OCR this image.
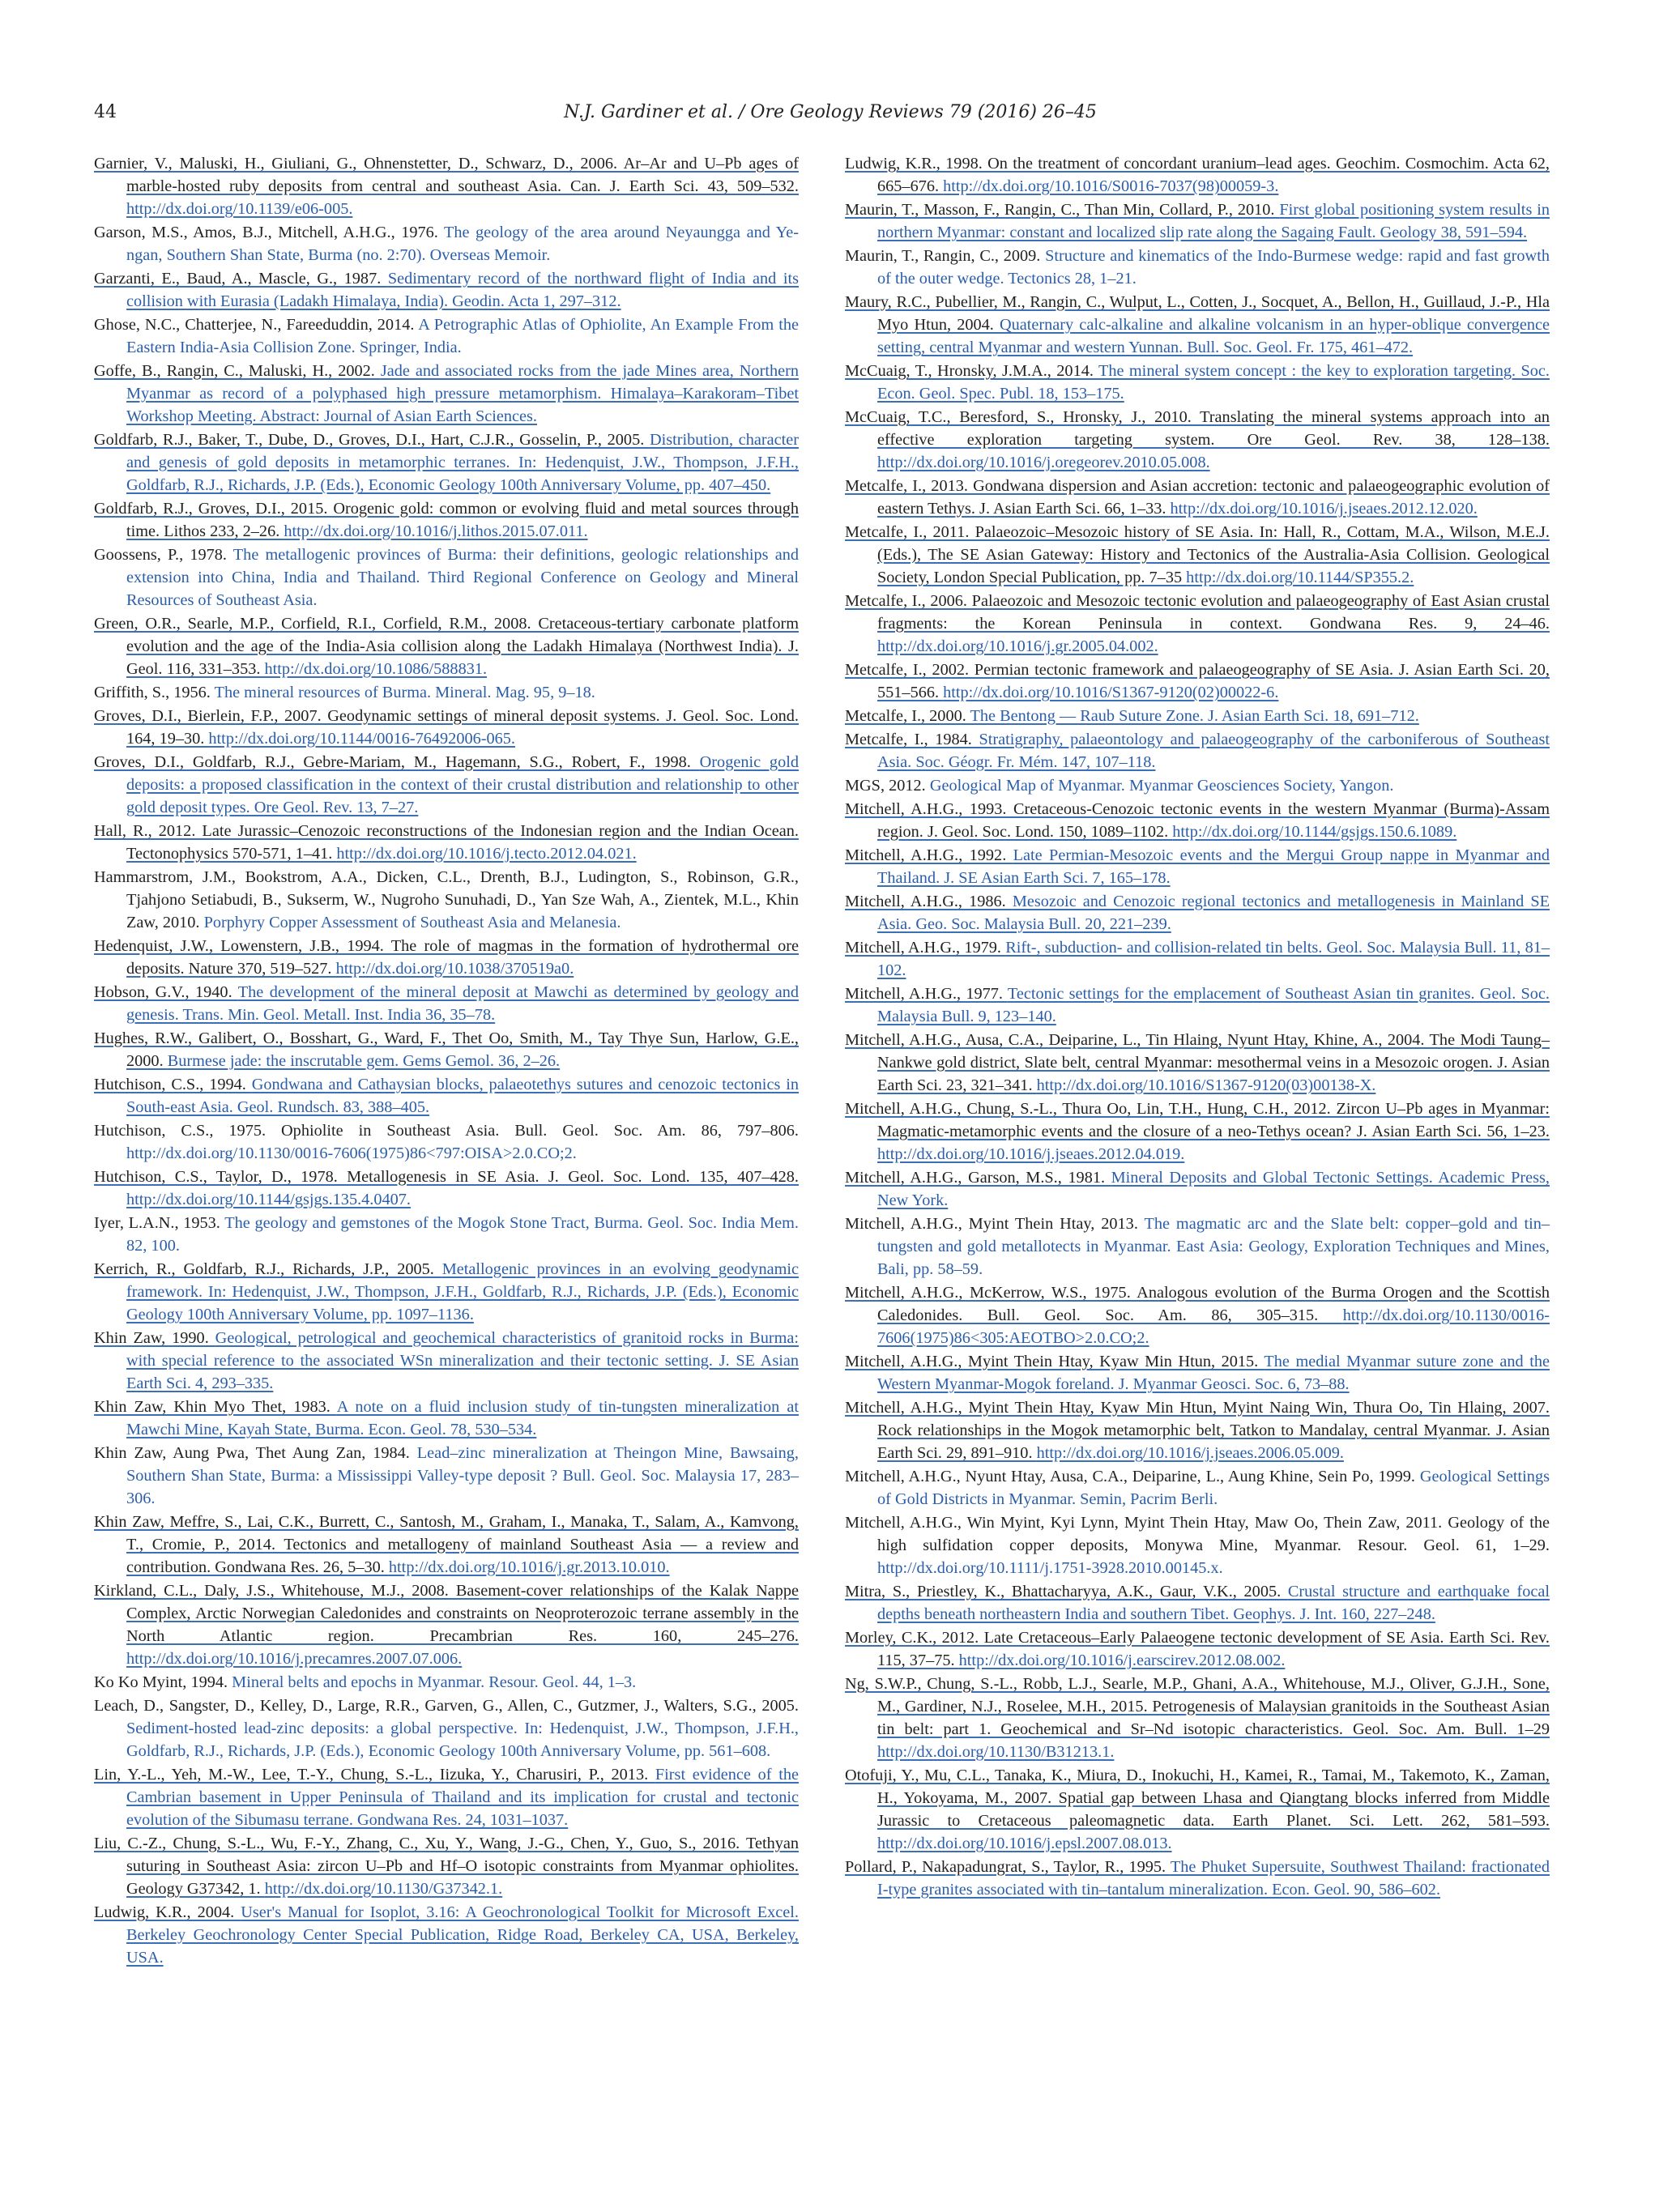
44	N.J. Gardiner et al. / Ore Geology Reviews 79 (2016) 26–45

Garnier, V., Maluski, H., Giuliani, G., Ohnenstetter, D., Schwarz, D., 2006. Ar–Ar and U–Pb ages of marble-hosted ruby deposits from central and southeast Asia. Can. J. Earth Sci. 43, 509–532. http://dx.doi.org/10.1139/e06-005.

Garson, M.S., Amos, B.J., Mitchell, A.H.G., 1976. The geology of the area around Neyaungga and Ye-ngan, Southern Shan State, Burma (no. 2:70). Overseas Memoir.

Garzanti, E., Baud, A., Mascle, G., 1987. Sedimentary record of the northward flight of India and its collision with Eurasia (Ladakh Himalaya, India). Geodin. Acta 1, 297–312.

Ghose, N.C., Chatterjee, N., Fareeduddin, 2014. A Petrographic Atlas of Ophiolite, An Example From the Eastern India-Asia Collision Zone. Springer, India.

Goffe, B., Rangin, C., Maluski, H., 2002. Jade and associated rocks from the jade Mines area, Northern Myanmar as record of a polyphased high pressure metamorphism. Himalaya–Karakoram–Tibet Workshop Meeting. Abstract: Journal of Asian Earth Sciences.

Goldfarb, R.J., Baker, T., Dube, D., Groves, D.I., Hart, C.J.R., Gosselin, P., 2005. Distribution, character and genesis of gold deposits in metamorphic terranes. In: Hedenquist, J.W., Thompson, J.F.H., Goldfarb, R.J., Richards, J.P. (Eds.), Economic Geology 100th Anniversary Volume, pp. 407–450.

Goldfarb, R.J., Groves, D.I., 2015. Orogenic gold: common or evolving fluid and metal sources through time. Lithos 233, 2–26. http://dx.doi.org/10.1016/j.lithos.2015.07.011.

Goossens, P., 1978. The metallogenic provinces of Burma: their definitions, geologic relationships and extension into China, India and Thailand. Third Regional Conference on Geology and Mineral Resources of Southeast Asia.

Green, O.R., Searle, M.P., Corfield, R.I., Corfield, R.M., 2008. Cretaceous-tertiary carbonate platform evolution and the age of the India-Asia collision along the Ladakh Himalaya (Northwest India). J. Geol. 116, 331–353. http://dx.doi.org/10.1086/588831.

Griffith, S., 1956. The mineral resources of Burma. Mineral. Mag. 95, 9–18.

Groves, D.I., Bierlein, F.P., 2007. Geodynamic settings of mineral deposit systems. J. Geol. Soc. Lond. 164, 19–30. http://dx.doi.org/10.1144/0016-76492006-065.

Groves, D.I., Goldfarb, R.J., Gebre-Mariam, M., Hagemann, S.G., Robert, F., 1998. Orogenic gold deposits: a proposed classification in the context of their crustal distribution and relationship to other gold deposit types. Ore Geol. Rev. 13, 7–27.

Hall, R., 2012. Late Jurassic–Cenozoic reconstructions of the Indonesian region and the Indian Ocean. Tectonophysics 570-571, 1–41. http://dx.doi.org/10.1016/j.tecto.2012.04.021.

Hammarstrom, J.M., Bookstrom, A.A., Dicken, C.L., Drenth, B.J., Ludington, S., Robinson, G.R., Tjahjono Setiabudi, B., Sukserm, W., Nugroho Sunuhadi, D., Yan Sze Wah, A., Zientek, M.L., Khin Zaw, 2010. Porphyry Copper Assessment of Southeast Asia and Melanesia.

Hedenquist, J.W., Lowenstern, J.B., 1994. The role of magmas in the formation of hydrothermal ore deposits. Nature 370, 519–527. http://dx.doi.org/10.1038/370519a0.

Hobson, G.V., 1940. The development of the mineral deposit at Mawchi as determined by geology and genesis. Trans. Min. Geol. Metall. Inst. India 36, 35–78.

Hughes, R.W., Galibert, O., Bosshart, G., Ward, F., Thet Oo, Smith, M., Tay Thye Sun, Harlow, G.E., 2000. Burmese jade: the inscrutable gem. Gems Gemol. 36, 2–26.

Hutchison, C.S., 1994. Gondwana and Cathaysian blocks, palaeotethys sutures and cenozoic tectonics in South-east Asia. Geol. Rundsch. 83, 388–405.

Hutchison, C.S., 1975. Ophiolite in Southeast Asia. Bull. Geol. Soc. Am. 86, 797–806. http://dx.doi.org/10.1130/0016-7606(1975)86<797:OISA>2.0.CO;2.

Hutchison, C.S., Taylor, D., 1978. Metallogenesis in SE Asia. J. Geol. Soc. Lond. 135, 407–428. http://dx.doi.org/10.1144/gsjgs.135.4.0407.

Iyer, L.A.N., 1953. The geology and gemstones of the Mogok Stone Tract, Burma. Geol. Soc. India Mem. 82, 100.

Kerrich, R., Goldfarb, R.J., Richards, J.P., 2005. Metallogenic provinces in an evolving geodynamic framework. In: Hedenquist, J.W., Thompson, J.F.H., Goldfarb, R.J., Richards, J.P. (Eds.), Economic Geology 100th Anniversary Volume, pp. 1097–1136.

Khin Zaw, 1990. Geological, petrological and geochemical characteristics of granitoid rocks in Burma: with special reference to the associated WSn mineralization and their tectonic setting. J. SE Asian Earth Sci. 4, 293–335.

Khin Zaw, Khin Myo Thet, 1983. A note on a fluid inclusion study of tin-tungsten mineralization at Mawchi Mine, Kayah State, Burma. Econ. Geol. 78, 530–534.

Khin Zaw, Aung Pwa, Thet Aung Zan, 1984. Lead–zinc mineralization at Theingon Mine, Bawsaing, Southern Shan State, Burma: a Mississippi Valley-type deposit ? Bull. Geol. Soc. Malaysia 17, 283–306.

Khin Zaw, Meffre, S., Lai, C.K., Burrett, C., Santosh, M., Graham, I., Manaka, T., Salam, A., Kamvong, T., Cromie, P., 2014. Tectonics and metallogeny of mainland Southeast Asia — a review and contribution. Gondwana Res. 26, 5–30. http://dx.doi.org/10.1016/j.gr.2013.10.010.

Kirkland, C.L., Daly, J.S., Whitehouse, M.J., 2008. Basement-cover relationships of the Kalak Nappe Complex, Arctic Norwegian Caledonides and constraints on Neoproterozoic terrane assembly in the North Atlantic region. Precambrian Res. 160, 245–276. http://dx.doi.org/10.1016/j.precamres.2007.07.006.

Ko Ko Myint, 1994. Mineral belts and epochs in Myanmar. Resour. Geol. 44, 1–3.

Leach, D., Sangster, D., Kelley, D., Large, R.R., Garven, G., Allen, C., Gutzmer, J., Walters, S.G., 2005. Sediment-hosted lead-zinc deposits: a global perspective. In: Hedenquist, J.W., Thompson, J.F.H., Goldfarb, R.J., Richards, J.P. (Eds.), Economic Geology 100th Anniversary Volume, pp. 561–608.

Lin, Y.-L., Yeh, M.-W., Lee, T.-Y., Chung, S.-L., Iizuka, Y., Charusiri, P., 2013. First evidence of the Cambrian basement in Upper Peninsula of Thailand and its implication for crustal and tectonic evolution of the Sibumasu terrane. Gondwana Res. 24, 1031–1037.

Liu, C.-Z., Chung, S.-L., Wu, F.-Y., Zhang, C., Xu, Y., Wang, J.-G., Chen, Y., Guo, S., 2016. Tethyan suturing in Southeast Asia: zircon U–Pb and Hf–O isotopic constraints from Myanmar ophiolites. Geology G37342, 1. http://dx.doi.org/10.1130/G37342.1.

Ludwig, K.R., 2004. User's Manual for Isoplot, 3.16: A Geochronological Toolkit for Microsoft Excel. Berkeley Geochronology Center Special Publication, Ridge Road, Berkeley CA, USA, Berkeley, USA.

Ludwig, K.R., 1998. On the treatment of concordant uranium–lead ages. Geochim. Cosmochim. Acta 62, 665–676. http://dx.doi.org/10.1016/S0016-7037(98)00059-3.

Maurin, T., Masson, F., Rangin, C., Than Min, Collard, P., 2010. First global positioning system results in northern Myanmar: constant and localized slip rate along the Sagaing Fault. Geology 38, 591–594.

Maurin, T., Rangin, C., 2009. Structure and kinematics of the Indo-Burmese wedge: rapid and fast growth of the outer wedge. Tectonics 28, 1–21.

Maury, R.C., Pubellier, M., Rangin, C., Wulput, L., Cotten, J., Socquet, A., Bellon, H., Guillaud, J.-P., Hla Myo Htun, 2004. Quaternary calc-alkaline and alkaline volcanism in an hyper-oblique convergence setting, central Myanmar and western Yunnan. Bull. Soc. Geol. Fr. 175, 461–472.

McCuaig, T., Hronsky, J.M.A., 2014. The mineral system concept : the key to exploration targeting. Soc. Econ. Geol. Spec. Publ. 18, 153–175.

McCuaig, T.C., Beresford, S., Hronsky, J., 2010. Translating the mineral systems approach into an effective exploration targeting system. Ore Geol. Rev. 38, 128–138. http://dx.doi.org/10.1016/j.oregeorev.2010.05.008.

Metcalfe, I., 2013. Gondwana dispersion and Asian accretion: tectonic and palaeogeographic evolution of eastern Tethys. J. Asian Earth Sci. 66, 1–33. http://dx.doi.org/10.1016/j.jseaes.2012.12.020.

Metcalfe, I., 2011. Palaeozoic–Mesozoic history of SE Asia. In: Hall, R., Cottam, M.A., Wilson, M.E.J. (Eds.), The SE Asian Gateway: History and Tectonics of the Australia-Asia Collision. Geological Society, London Special Publication, pp. 7–35 http://dx.doi.org/10.1144/SP355.2.

Metcalfe, I., 2006. Palaeozoic and Mesozoic tectonic evolution and palaeogeography of East Asian crustal fragments: the Korean Peninsula in context. Gondwana Res. 9, 24–46. http://dx.doi.org/10.1016/j.gr.2005.04.002.

Metcalfe, I., 2002. Permian tectonic framework and palaeogeography of SE Asia. J. Asian Earth Sci. 20, 551–566. http://dx.doi.org/10.1016/S1367-9120(02)00022-6.

Metcalfe, I., 2000. The Bentong — Raub Suture Zone. J. Asian Earth Sci. 18, 691–712.

Metcalfe, I., 1984. Stratigraphy, palaeontology and palaeogeography of the carboniferous of Southeast Asia. Soc. Géogr. Fr. Mém. 147, 107–118.

MGS, 2012. Geological Map of Myanmar. Myanmar Geosciences Society, Yangon.

Mitchell, A.H.G., 1993. Cretaceous-Cenozoic tectonic events in the western Myanmar (Burma)-Assam region. J. Geol. Soc. Lond. 150, 1089–1102. http://dx.doi.org/10.1144/gsjgs.150.6.1089.

Mitchell, A.H.G., 1992. Late Permian-Mesozoic events and the Mergui Group nappe in Myanmar and Thailand. J. SE Asian Earth Sci. 7, 165–178.

Mitchell, A.H.G., 1986. Mesozoic and Cenozoic regional tectonics and metallogenesis in Mainland SE Asia. Geo. Soc. Malaysia Bull. 20, 221–239.

Mitchell, A.H.G., 1979. Rift-, subduction- and collision-related tin belts. Geol. Soc. Malaysia Bull. 11, 81–102.

Mitchell, A.H.G., 1977. Tectonic settings for the emplacement of Southeast Asian tin granites. Geol. Soc. Malaysia Bull. 9, 123–140.

Mitchell, A.H.G., Ausa, C.A., Deiparine, L., Tin Hlaing, Nyunt Htay, Khine, A., 2004. The Modi Taung–Nankwe gold district, Slate belt, central Myanmar: mesothermal veins in a Mesozoic orogen. J. Asian Earth Sci. 23, 321–341. http://dx.doi.org/10.1016/S1367-9120(03)00138-X.

Mitchell, A.H.G., Chung, S.-L., Thura Oo, Lin, T.H., Hung, C.H., 2012. Zircon U–Pb ages in Myanmar: Magmatic-metamorphic events and the closure of a neo-Tethys ocean? J. Asian Earth Sci. 56, 1–23. http://dx.doi.org/10.1016/j.jseaes.2012.04.019.

Mitchell, A.H.G., Garson, M.S., 1981. Mineral Deposits and Global Tectonic Settings. Academic Press, New York.

Mitchell, A.H.G., Myint Thein Htay, 2013. The magmatic arc and the Slate belt: copper–gold and tin–tungsten and gold metallotects in Myanmar. East Asia: Geology, Exploration Techniques and Mines, Bali, pp. 58–59.

Mitchell, A.H.G., McKerrow, W.S., 1975. Analogous evolution of the Burma Orogen and the Scottish Caledonides. Bull. Geol. Soc. Am. 86, 305–315. http://dx.doi.org/10.1130/0016-7606(1975)86<305:AEOTBO>2.0.CO;2.

Mitchell, A.H.G., Myint Thein Htay, Kyaw Min Htun, 2015. The medial Myanmar suture zone and the Western Myanmar-Mogok foreland. J. Myanmar Geosci. Soc. 6, 73–88.

Mitchell, A.H.G., Myint Thein Htay, Kyaw Min Htun, Myint Naing Win, Thura Oo, Tin Hlaing, 2007. Rock relationships in the Mogok metamorphic belt, Tatkon to Mandalay, central Myanmar. J. Asian Earth Sci. 29, 891–910. http://dx.doi.org/10.1016/j.jseaes.2006.05.009.

Mitchell, A.H.G., Nyunt Htay, Ausa, C.A., Deiparine, L., Aung Khine, Sein Po, 1999. Geological Settings of Gold Districts in Myanmar. Semin, Pacrim Berli.

Mitchell, A.H.G., Win Myint, Kyi Lynn, Myint Thein Htay, Maw Oo, Thein Zaw, 2011. Geology of the high sulfidation copper deposits, Monywa Mine, Myanmar. Resour. Geol. 61, 1–29. http://dx.doi.org/10.1111/j.1751-3928.2010.00145.x.

Mitra, S., Priestley, K., Bhattacharyya, A.K., Gaur, V.K., 2005. Crustal structure and earthquake focal depths beneath northeastern India and southern Tibet. Geophys. J. Int. 160, 227–248.

Morley, C.K., 2012. Late Cretaceous–Early Palaeogene tectonic development of SE Asia. Earth Sci. Rev. 115, 37–75. http://dx.doi.org/10.1016/j.earscirev.2012.08.002.

Ng, S.W.P., Chung, S.-L., Robb, L.J., Searle, M.P., Ghani, A.A., Whitehouse, M.J., Oliver, G.J.H., Sone, M., Gardiner, N.J., Roselee, M.H., 2015. Petrogenesis of Malaysian granitoids in the Southeast Asian tin belt: part 1. Geochemical and Sr–Nd isotopic characteristics. Geol. Soc. Am. Bull. 1–29 http://dx.doi.org/10.1130/B31213.1.

Otofuji, Y., Mu, C.L., Tanaka, K., Miura, D., Inokuchi, H., Kamei, R., Tamai, M., Takemoto, K., Zaman, H., Yokoyama, M., 2007. Spatial gap between Lhasa and Qiangtang blocks inferred from Middle Jurassic to Cretaceous paleomagnetic data. Earth Planet. Sci. Lett. 262, 581–593. http://dx.doi.org/10.1016/j.epsl.2007.08.013.

Pollard, P., Nakapadungrat, S., Taylor, R., 1995. The Phuket Supersuite, Southwest Thailand: fractionated I-type granites associated with tin–tantalum mineralization. Econ. Geol. 90, 586–602.
